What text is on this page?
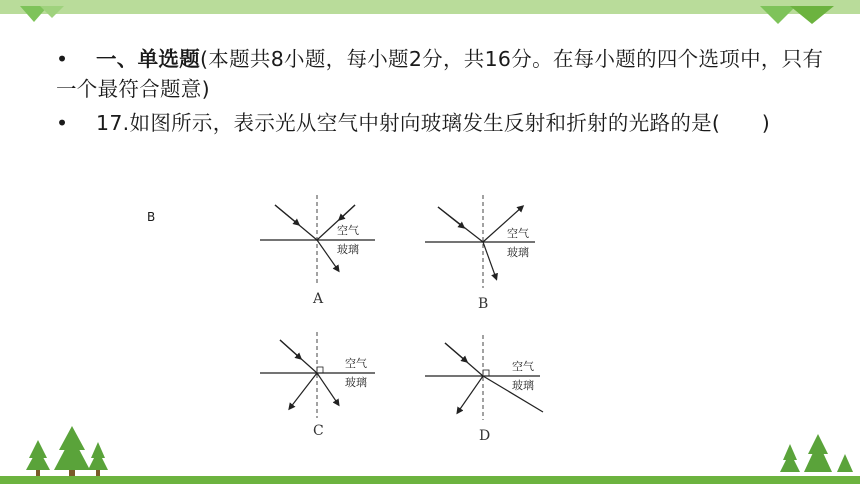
• 一、单选题(本题共8小题，每小题2分，共16分。在每小题的四个选项中，只有一个最符合题意)
• 17.如图所示，表示光从空气中射向玻璃发生反射和折射的光路的是(　　)
B
空气
玻璃
A
空气
玻璃
B
空气
玻璃
C
空气
玻璃
D
